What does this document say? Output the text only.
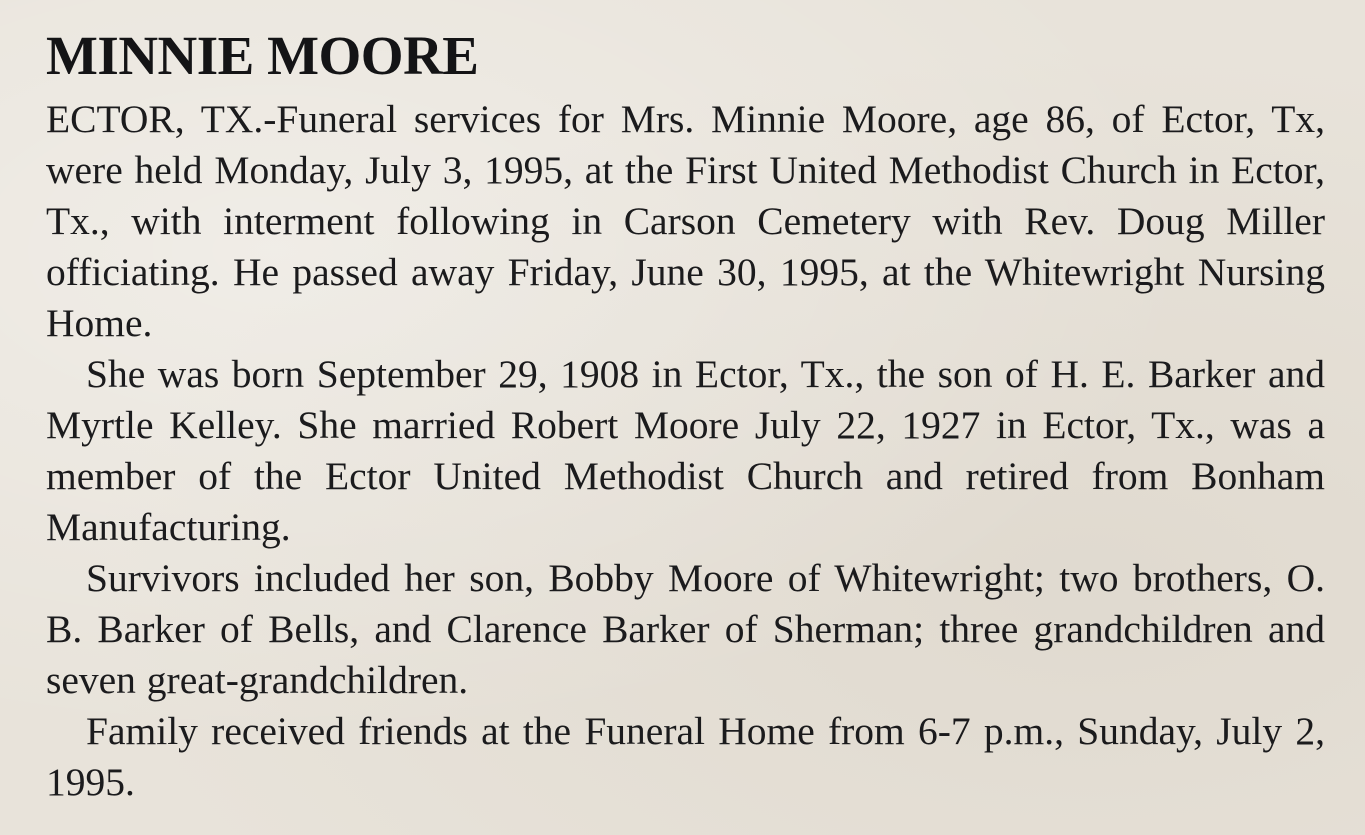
MINNIE MOORE

ECTOR, TX.-Funeral services for Mrs. Minnie Moore, age 86, of Ector, Tx, were held Monday, July 3, 1995, at the First United Methodist Church in Ector, Tx., with interment following in Carson Cemetery with Rev. Doug Miller officiating. He passed away Friday, June 30, 1995, at the Whitewright Nursing Home.

She was born September 29, 1908 in Ector, Tx., the son of H. E. Barker and Myrtle Kelley. She married Robert Moore July 22, 1927 in Ector, Tx., was a member of the Ector United Methodist Church and retired from Bonham Manufacturing.

Survivors included her son, Bobby Moore of Whitewright; two brothers, O. B. Barker of Bells, and Clarence Barker of Sherman; three grandchildren and seven great-grandchildren.

Family received friends at the Funeral Home from 6-7 p.m., Sunday, July 2, 1995.
